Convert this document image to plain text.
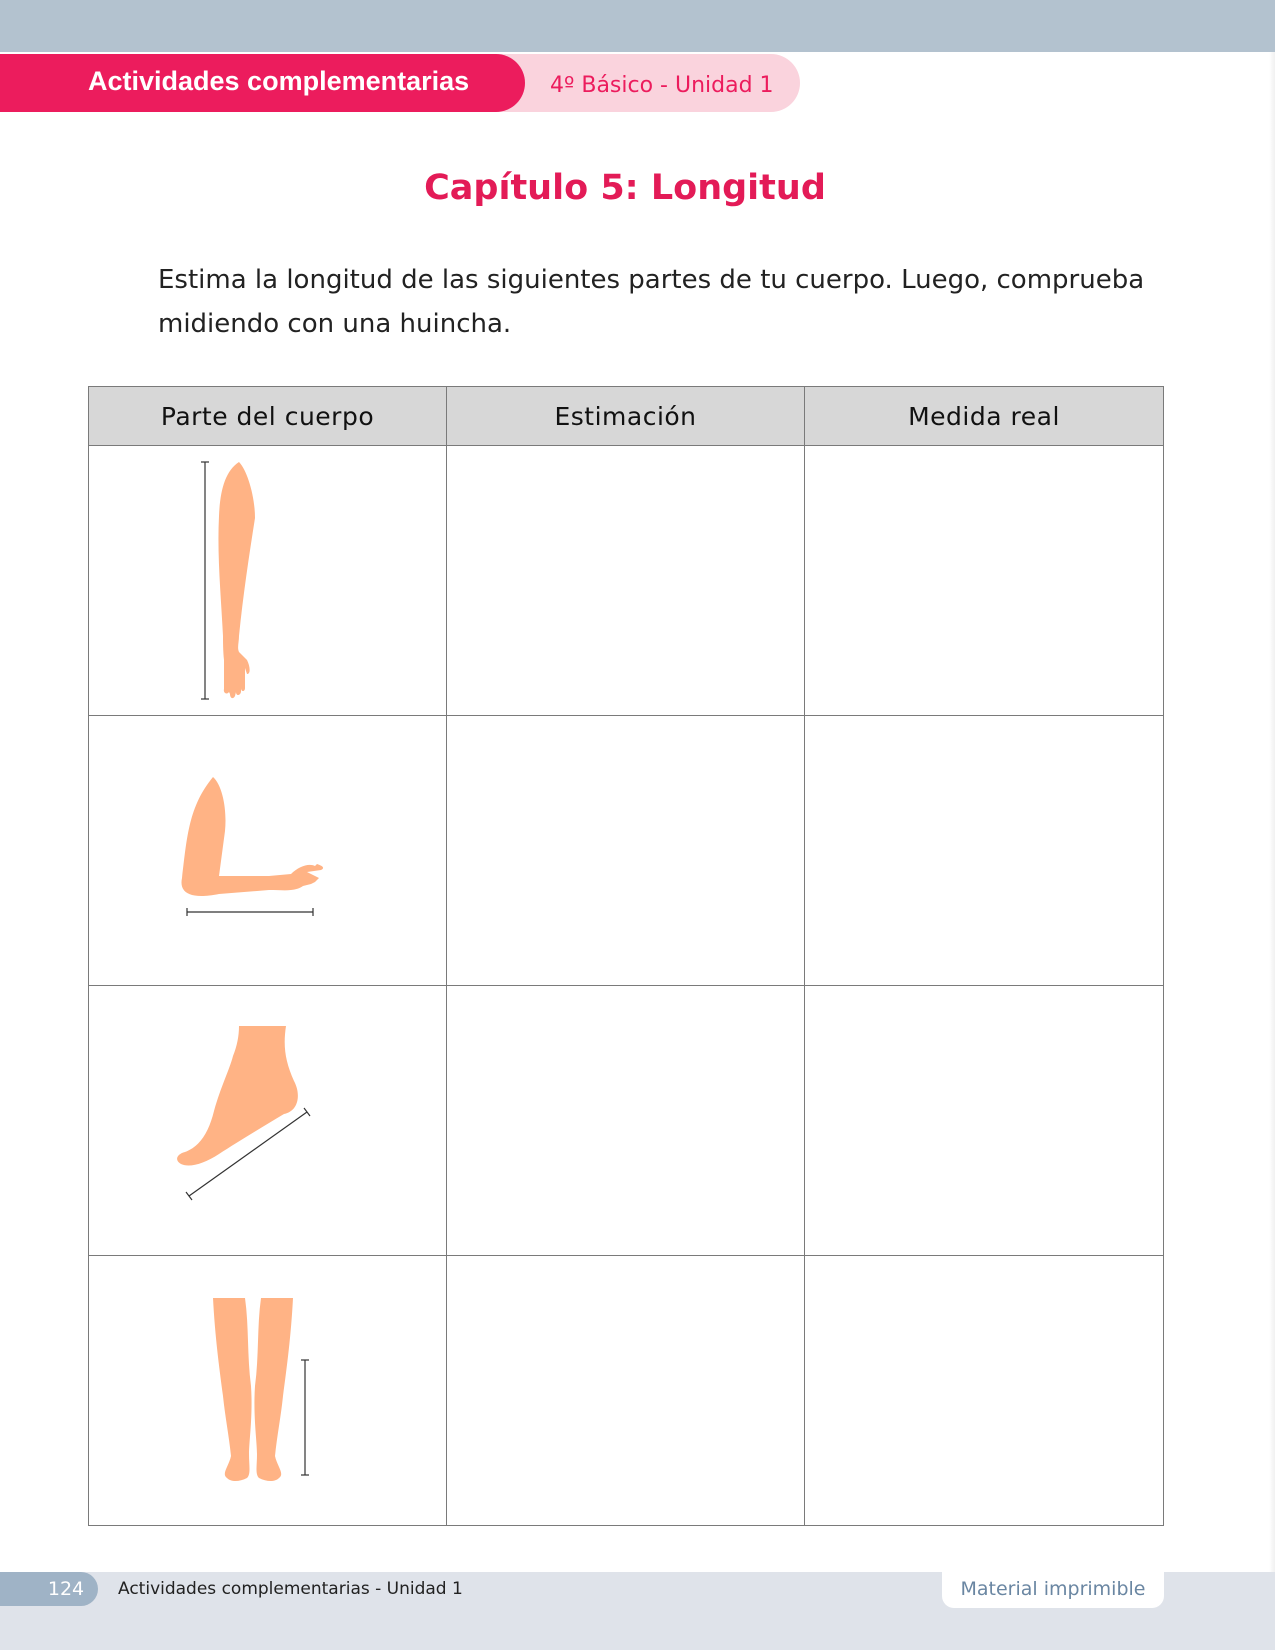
Actividades complementarias	4º Básico - Unidad 1
Capítulo 5: Longitud
Estima la longitud de las siguientes partes de tu cuerpo. Luego, comprueba
midiendo con una huincha.
Parte del cuerpo	Estimación	Medida real

124	Actividades complementarias - Unidad 1	Material imprimible
